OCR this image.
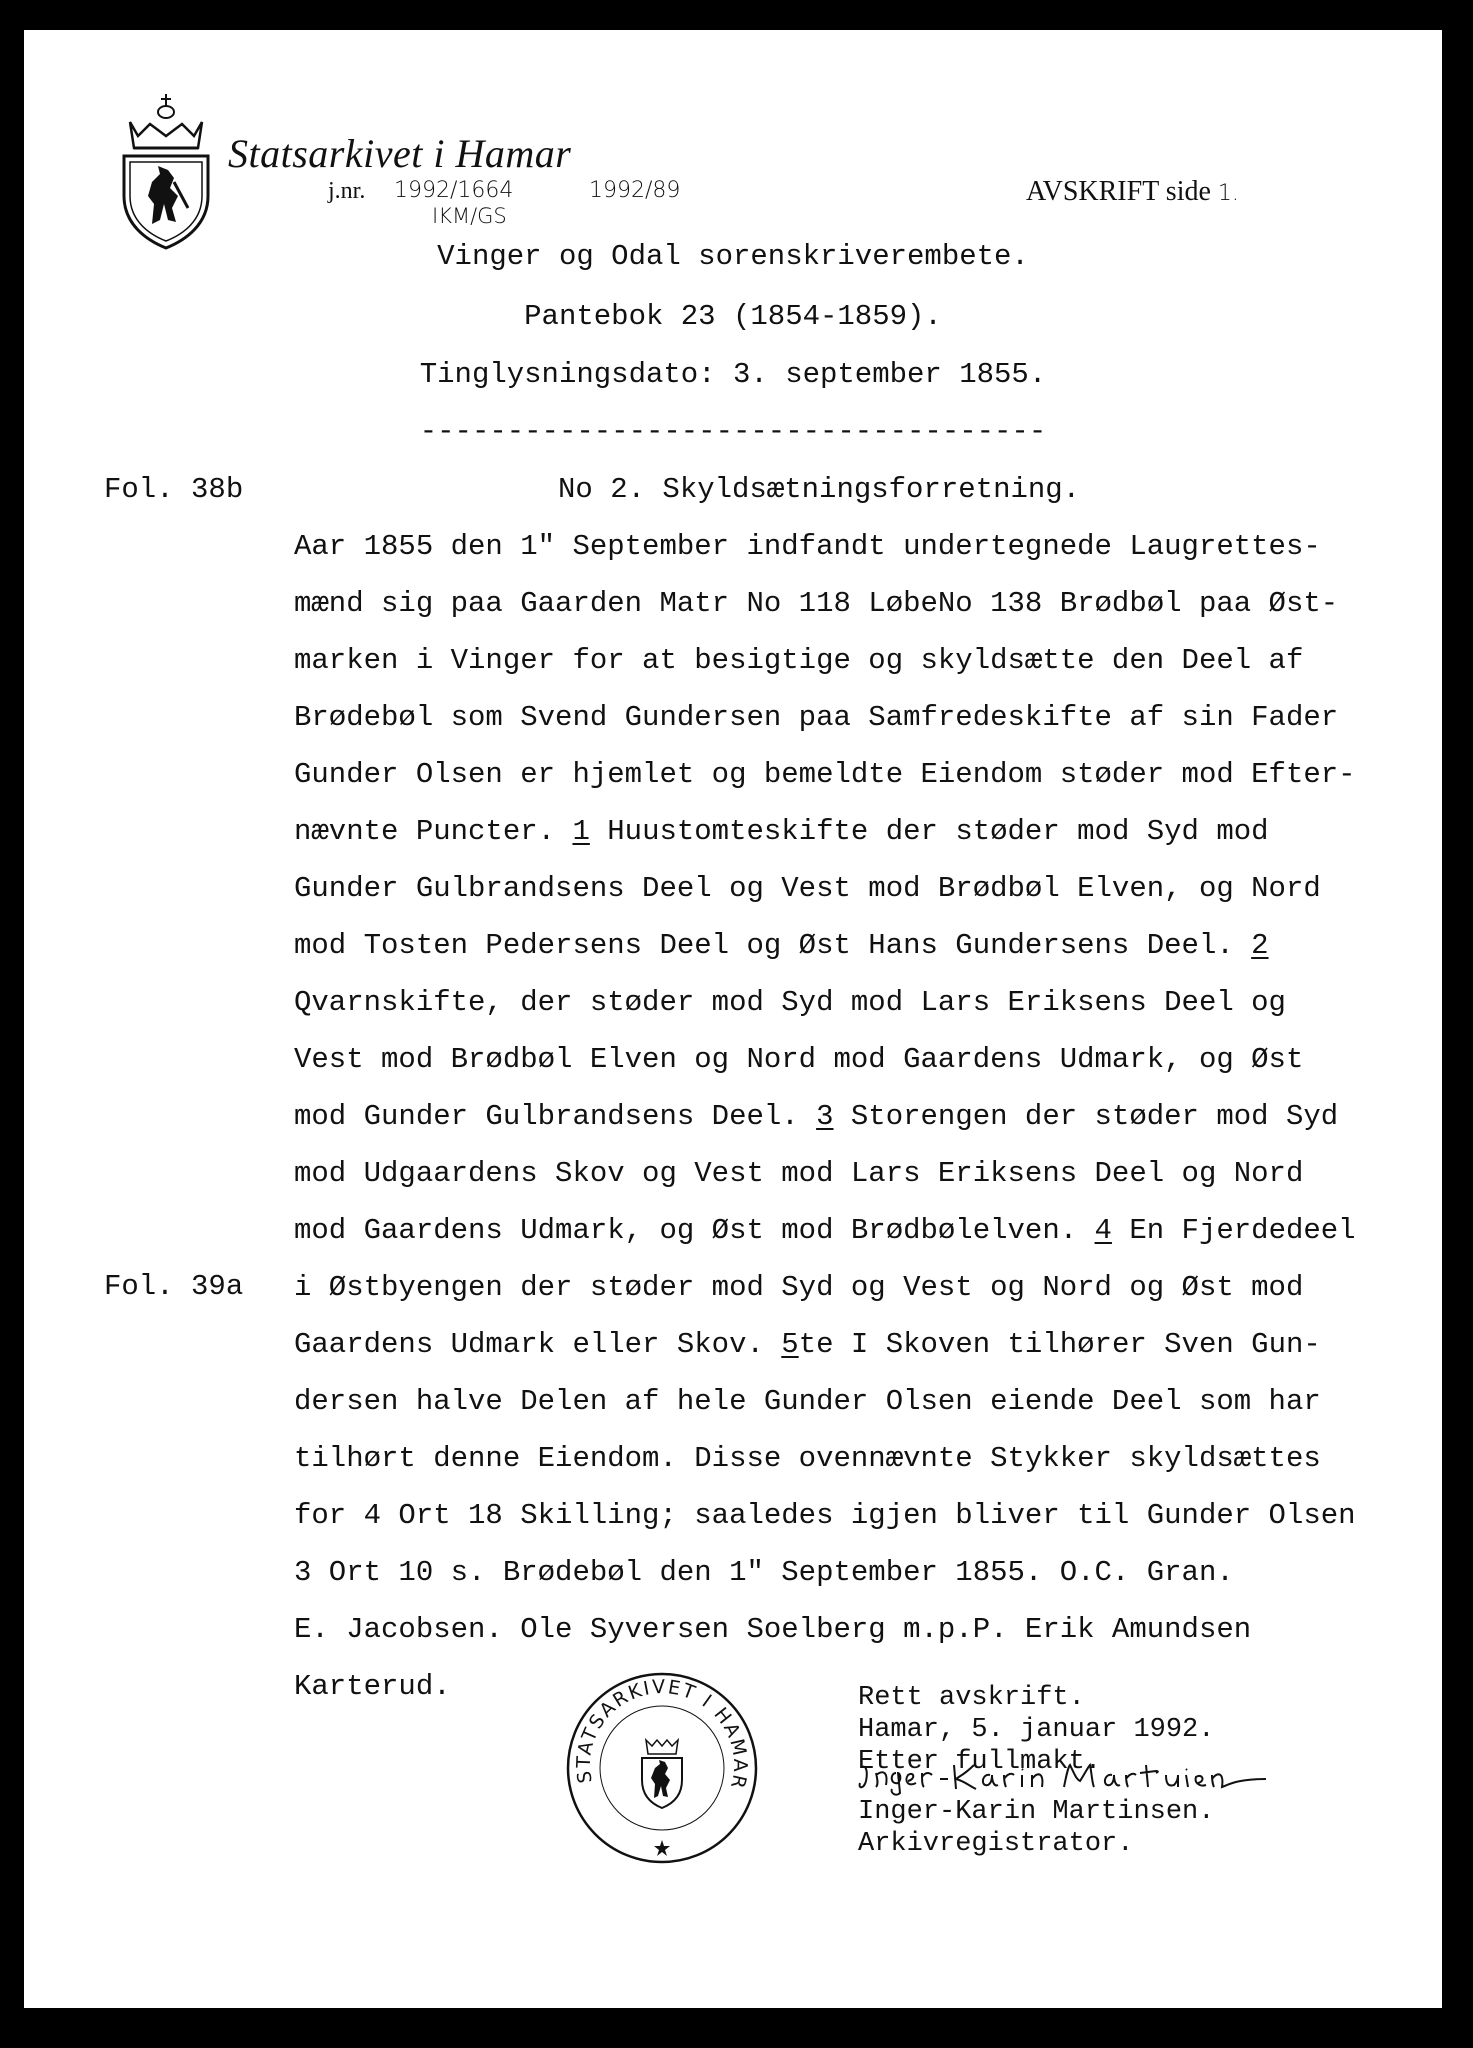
Statsarkivet i Hamar
j.nr. 1992/1664	1992/89
IKM/GS
AVSKRIFT side 1.
Vinger og Odal sorenskriverembete.
Pantebok 23 (1854-1859).
Tinglysningsdato: 3. september 1855.
------------------------------------
Fol. 38b	No 2. Skyldsætningsforretning.
Aar 1855 den 1" September indfandt undertegnede Laugrettes-
mænd sig paa Gaarden Matr No 118 LøbeNo 138 Brødbøl paa Øst-
marken i Vinger for at besigtige og skyldsætte den Deel af
Brødebøl som Svend Gundersen paa Samfredeskifte af sin Fader
Gunder Olsen er hjemlet og bemeldte Eiendom støder mod Efter-
nævnte Puncter. 1 Huustomteskifte der støder mod Syd mod
Gunder Gulbrandsens Deel og Vest mod Brødbøl Elven, og Nord
mod Tosten Pedersens Deel og Øst Hans Gundersens Deel. 2
Qvarnskifte, der støder mod Syd mod Lars Eriksens Deel og
Vest mod Brødbøl Elven og Nord mod Gaardens Udmark, og Øst
mod Gunder Gulbrandsens Deel. 3 Storengen der støder mod Syd
mod Udgaardens Skov og Vest mod Lars Eriksens Deel og Nord
mod Gaardens Udmark, og Øst mod Brødbølelven. 4 En Fjerdedeel
Fol. 39a i Østbyengen der støder mod Syd og Vest og Nord og Øst mod
Gaardens Udmark eller Skov. 5te I Skoven tilhører Sven Gun-
dersen halve Delen af hele Gunder Olsen eiende Deel som har
tilhørt denne Eiendom. Disse ovennævnte Stykker skyldsættes
for 4 Ort 18 Skilling; saaledes igjen bliver til Gunder Olsen
3 Ort 10 s. Brødebøl den 1" September 1855. O.C. Gran.
E. Jacobsen. Ole Syversen Soelberg m.p.P. Erik Amundsen
Karterud.
STATSARKIVET I HAMAR
Rett avskrift.
Hamar, 5. januar 1992.
Etter fullmakt.
Inger-Karin Martinsen.
Arkivregistrator.
